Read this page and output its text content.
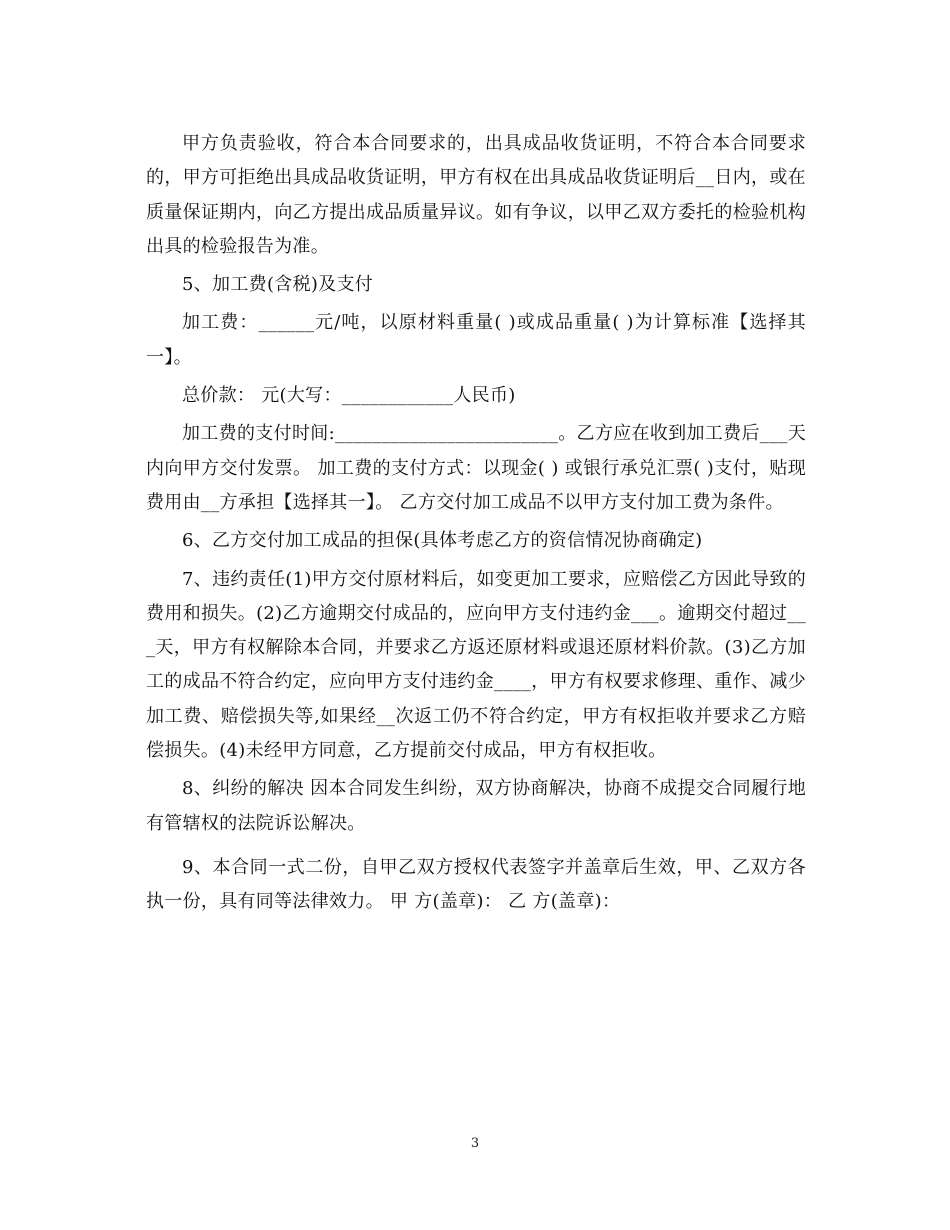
甲方负责验收，符合本合同要求的，出具成品收货证明，不符合本合同要求的，甲方可拒绝出具成品收货证明，甲方有权在出具成品收货证明后__日内，或在质量保证期内，向乙方提出成品质量异议。如有争议，以甲乙双方委托的检验机构出具的检验报告为准。

5、加工费(含税)及支付

加工费：______元/吨，以原材料重量( )或成品重量( )为计算标准【选择其一】。

总价款： 元(大写：____________人民币)

加工费的支付时间:________________________。乙方应在收到加工费后___天内向甲方交付发票。 加工费的支付方式：以现金( ) 或银行承兑汇票( )支付，贴现费用由__方承担【选择其一】。 乙方交付加工成品不以甲方支付加工费为条件。

6、乙方交付加工成品的担保(具体考虑乙方的资信情况协商确定)

7、违约责任(1)甲方交付原材料后，如变更加工要求，应赔偿乙方因此导致的费用和损失。(2)乙方逾期交付成品的，应向甲方支付违约金___。逾期交付超过___天，甲方有权解除本合同，并要求乙方返还原材料或退还原材料价款。(3)乙方加工的成品不符合约定，应向甲方支付违约金____，甲方有权要求修理、重作、减少加工费、赔偿损失等,如果经__次返工仍不符合约定，甲方有权拒收并要求乙方赔偿损失。(4)未经甲方同意，乙方提前交付成品，甲方有权拒收。

8、纠纷的解决 因本合同发生纠纷，双方协商解决，协商不成提交合同履行地有管辖权的法院诉讼解决。

9、本合同一式二份，自甲乙双方授权代表签字并盖章后生效，甲、乙双方各执一份，具有同等法律效力。 甲 方(盖章)： 乙 方(盖章)：

3
